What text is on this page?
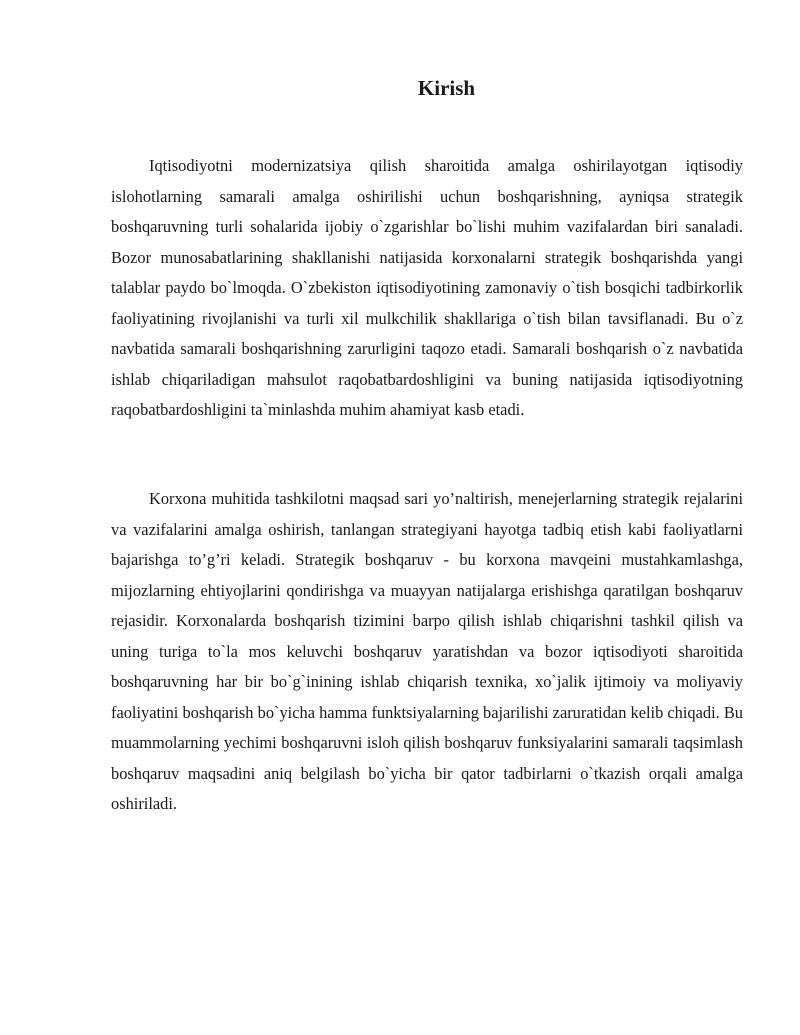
Kirish

Iqtisodiyotni modernizatsiya qilish sharoitida amalga oshirilayotgan iqtisodiy islohotlarning samarali amalga oshirilishi uchun boshqarishning, ayniqsa strategik boshqaruvning turli sohalarida ijobiy o`zgarishlar bo`lishi muhim vazifalardan biri sanaladi. Bozor munosabatlarining shakllanishi natijasida korxonalarni strategik boshqarishda yangi talablar paydo bo`lmoqda. O`zbekiston iqtisodiyotining zamonaviy o`tish bosqichi tadbirkorlik faoliyatining rivojlanishi va turli xil mulkchilik shakllariga o`tish bilan tavsiflanadi. Bu o`z navbatida samarali boshqarishning zarurligini taqozo etadi. Samarali boshqarish o`z navbatida ishlab chiqariladigan mahsulot raqobatbardoshligini va buning natijasida iqtisodiyotning raqobatbardoshligini ta`minlashda muhim ahamiyat kasb etadi.

Korxona muhitida tashkilotni maqsad sari yo’naltirish, menejerlarning strategik rejalarini va vazifalarini amalga oshirish, tanlangan strategiyani hayotga tadbiq etish kabi faoliyatlarni bajarishga to’g’ri keladi. Strategik boshqaruv - bu korxona mavqeini mustahkamlashga, mijozlarning ehtiyojlarini qondirishga va muayyan natijalarga erishishga qaratilgan boshqaruv rejasidir. Korxonalarda boshqarish tizimini barpo qilish ishlab chiqarishni tashkil qilish va uning turiga to`la mos keluvchi boshqaruv yaratishdan va bozor iqtisodiyoti sharoitida boshqaruvning har bir bo`g`inining ishlab chiqarish texnika, xo`jalik ijtimoiy va moliyaviy faoliyatini boshqarish bo`yicha hamma funktsiyalarning bajarilishi zaruratidan kelib chiqadi. Bu muammolarning yechimi boshqaruvni isloh qilish boshqaruv funksiyalarini samarali taqsimlash boshqaruv maqsadini aniq belgilash bo`yicha bir qator tadbirlarni o`tkazish orqali amalga oshiriladi.
